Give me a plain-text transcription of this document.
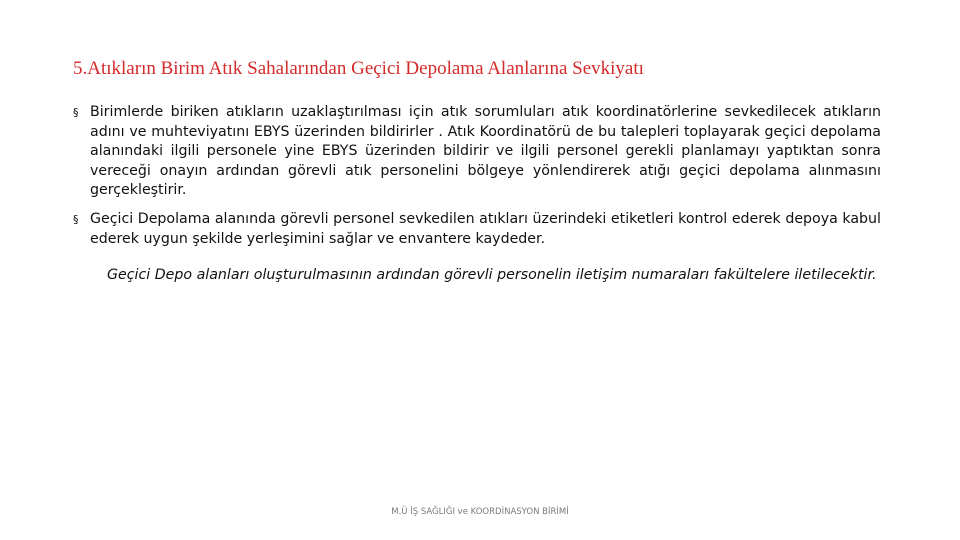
5.Atıkların Birim Atık Sahalarından Geçici Depolama Alanlarına Sevkiyatı
§ Birimlerde biriken atıkların uzaklaştırılması için atık sorumluları atık koordinatörlerine sevkedilecek atıkların adını ve muhteviyatını EBYS üzerinden bildirirler . Atık Koordinatörü de bu talepleri toplayarak geçici depolama alanındaki ilgili personele yine EBYS üzerinden bildirir ve ilgili personel gerekli planlamayı yaptıktan sonra vereceği onayın ardından görevli atık personelini bölgeye yönlendirerek atığı geçici depolama alınmasını gerçekleştirir.
§ Geçici Depolama alanında görevli personel sevkedilen atıkları üzerindeki etiketleri kontrol ederek depoya kabul ederek uygun şekilde yerleşimini sağlar ve envantere kaydeder.
Geçici Depo alanları oluşturulmasının ardından görevli personelin iletişim numaraları fakültelere iletilecektir.
M.Ü İŞ SAĞLIĞI ve KOORDİNASYON BİRİMİ
